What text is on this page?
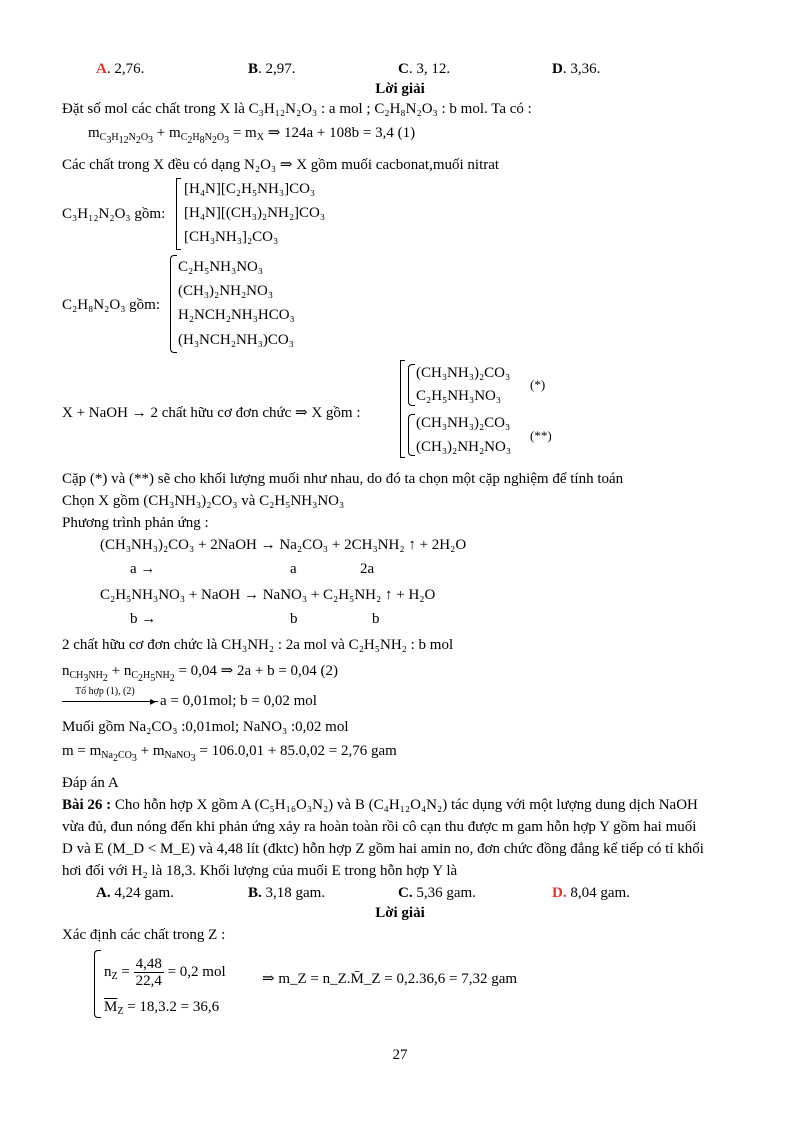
A. 2,76.	B. 2,97.	C. 3, 12.	D. 3,36.
Lời giải
Đặt số mol các chất trong X là C₃H₁₂N₂O₃ : a mol ; C₂H₈N₂O₃ : b mol. Ta có :
$m_{C_3H_{12}N_2O_3} + m_{C_2H_8N_2O_3} = m_X$ ⇒ 124a + 108b = 3,4 (1)
Các chất trong X đều có dạng N₂O₃ ⇒ X gồm muối cacbonat,muối nitrat
C₃H₁₂N₂O₃ gồm:
[H₄N][C₂H₅NH₃]CO₃
[H₄N][(CH₃)₂NH₂]CO₃
[CH₃NH₃]₂CO₃
C₂H₈N₂O₃ gồm:
C₂H₅NH₃NO₃
(CH₃)₂NH₂NO₃
H₂NCH₂NH₃HCO₃
(H₃NCH₂NH₃)CO₃
X + NaOH → 2 chất hữu cơ đơn chức ⇒ X gồm :
(CH₃NH₃)₂CO₃
C₂H₅NH₃NO₃
(*)
(CH₃NH₃)₂CO₃
(CH₃)₂NH₂NO₃
(**)
Cặp (*) và (**) sẽ cho khối lượng muối như nhau, do đó ta chọn một cặp nghiệm để tính toán
Chọn X gồm (CH₃NH₃)₂CO₃ và C₂H₅NH₃NO₃
Phương trình phản ứng :
(CH₃NH₃)₂CO₃ + 2NaOH → Na₂CO₃ + 2CH₃NH₂ ↑ + 2H₂O
a →	a	2a
C₂H₅NH₃NO₃ + NaOH → NaNO₃ + C₂H₅NH₂ ↑ + H₂O
b →	b	b
2 chất hữu cơ đơn chức là CH₃NH₂ : 2a mol và C₂H₅NH₂ : b mol
$n_{CH_3NH_2} + n_{C_2H_5NH_2} = 0,04$ ⇒ 2a + b = 0,04 (2)
Tổ hợp (1), (2)
▸ a = 0,01mol; b = 0,02 mol
Muối gồm Na₂CO₃ :0,01mol; NaNO₃ :0,02 mol
$m = m_{Na_2CO_3} + m_{NaNO_3} = 106.0,01 + 85.0,02 = 2,76$ gam
Đáp án A
Bài 26 : Cho hỗn hợp X gồm A (C₅H₁₆O₃N₂) và B (C₄H₁₂O₄N₂) tác dụng với một lượng dung dịch NaOH
vừa đủ, đun nóng đến khi phản ứng xảy ra hoàn toàn rồi cô cạn thu được m gam hỗn hợp Y gồm hai muối
D và E (M_D < M_E) và 4,48 lít (đktc) hỗn hợp Z gồm hai amin no, đơn chức đồng đẳng kế tiếp có tỉ khối
hơi đối với H₂ là 18,3. Khối lượng của muối E trong hỗn hợp Y là
A. 4,24 gam.	B. 3,18 gam.	C. 5,36 gam.	D. 8,04 gam.
Lời giải
Xác định các chất trong Z :
$n_Z = \frac{4,48}{22,4} = 0,2$ mol
$\overline{M}_Z = 18,3.2 = 36,6$
⇒ m_Z = n_Z.M̄_Z = 0,2.36,6 = 7,32 gam
27
